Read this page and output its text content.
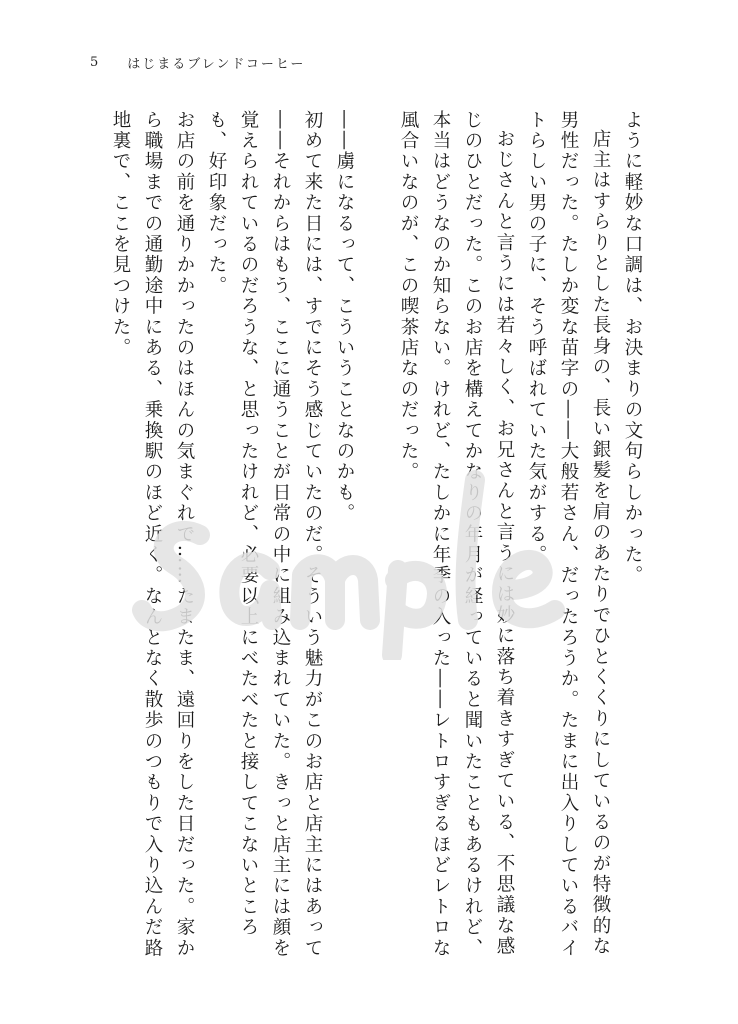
5 はじまるブレンドコーヒー

ように軽妙な口調は、お決まりの文句らしかった。

店主はすらりとした長身の、長い銀髪を肩のあたりでひとくくりにしているのが特徴的な男性だった。たしか変な苗字の――大般若さん、だったろうか。たまに出入りしているバイトらしい男の子に、そう呼ばれていた気がする。

おじさんと言うには若々しく、お兄さんと言うには妙に落ち着きすぎている、不思議な感じのひとだった。このお店を構えてかなりの年月が経っていると聞いたこともあるけれど、本当はどうなのか知らない。けれど、たしかに年季の入った――レトロすぎるほどレトロな風合いなのが、この喫茶店なのだった。

――虜になるって、こういうことなのかも。

初めて来た日には、すでにそう感じていたのだ。そういう魅力がこのお店と店主にはあって――それからはもう、ここに通うことが日常の中に組み込まれていた。きっと店主には顔を覚えられているのだろうな、と思ったけれど、必要以上にべたべたと接してこないところも、好印象だった。

お店の前を通りかかったのはほんの気まぐれで……たまたま、遠回りをした日だった。家から職場までの通勤途中にある、乗換駅のほど近く。なんとなく散歩のつもりで入り込んだ路地裏で、ここを見つけた。
